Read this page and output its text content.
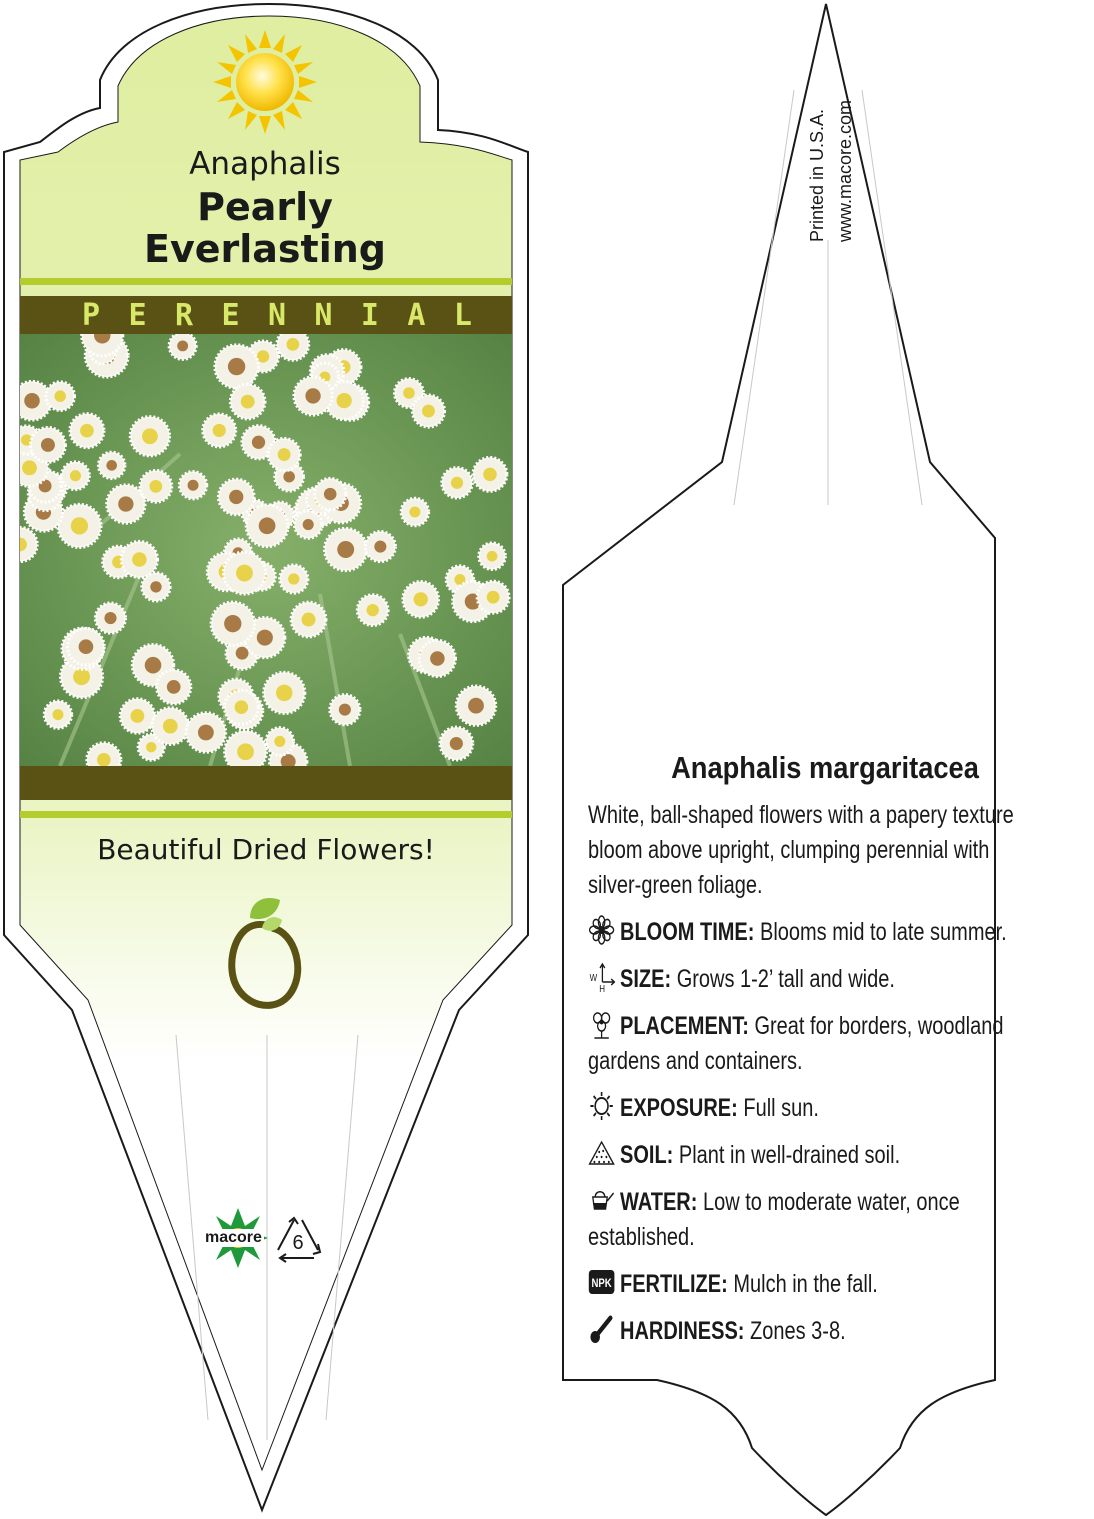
Anaphalis
Pearly
Everlasting
P E R E N N I A L
Beautiful Dried Flowers!
macore	6
Printed in U.S.A. www.macore.com
Anaphalis margaritacea

White, ball-shaped flowers with a papery texture bloom above upright, clumping perennial with silver-green foliage.

BLOOM TIME: Blooms mid to late summer.

W
H SIZE: Grows 1-2’ tall and wide.

PLACEMENT: Great for borders, woodland gardens and containers.

EXPOSURE: Full sun.

SOIL: Plant in well-drained soil.

WATER: Low to moderate water, once established.

NPK FERTILIZE: Mulch in the fall.

HARDINESS: Zones 3-8.
